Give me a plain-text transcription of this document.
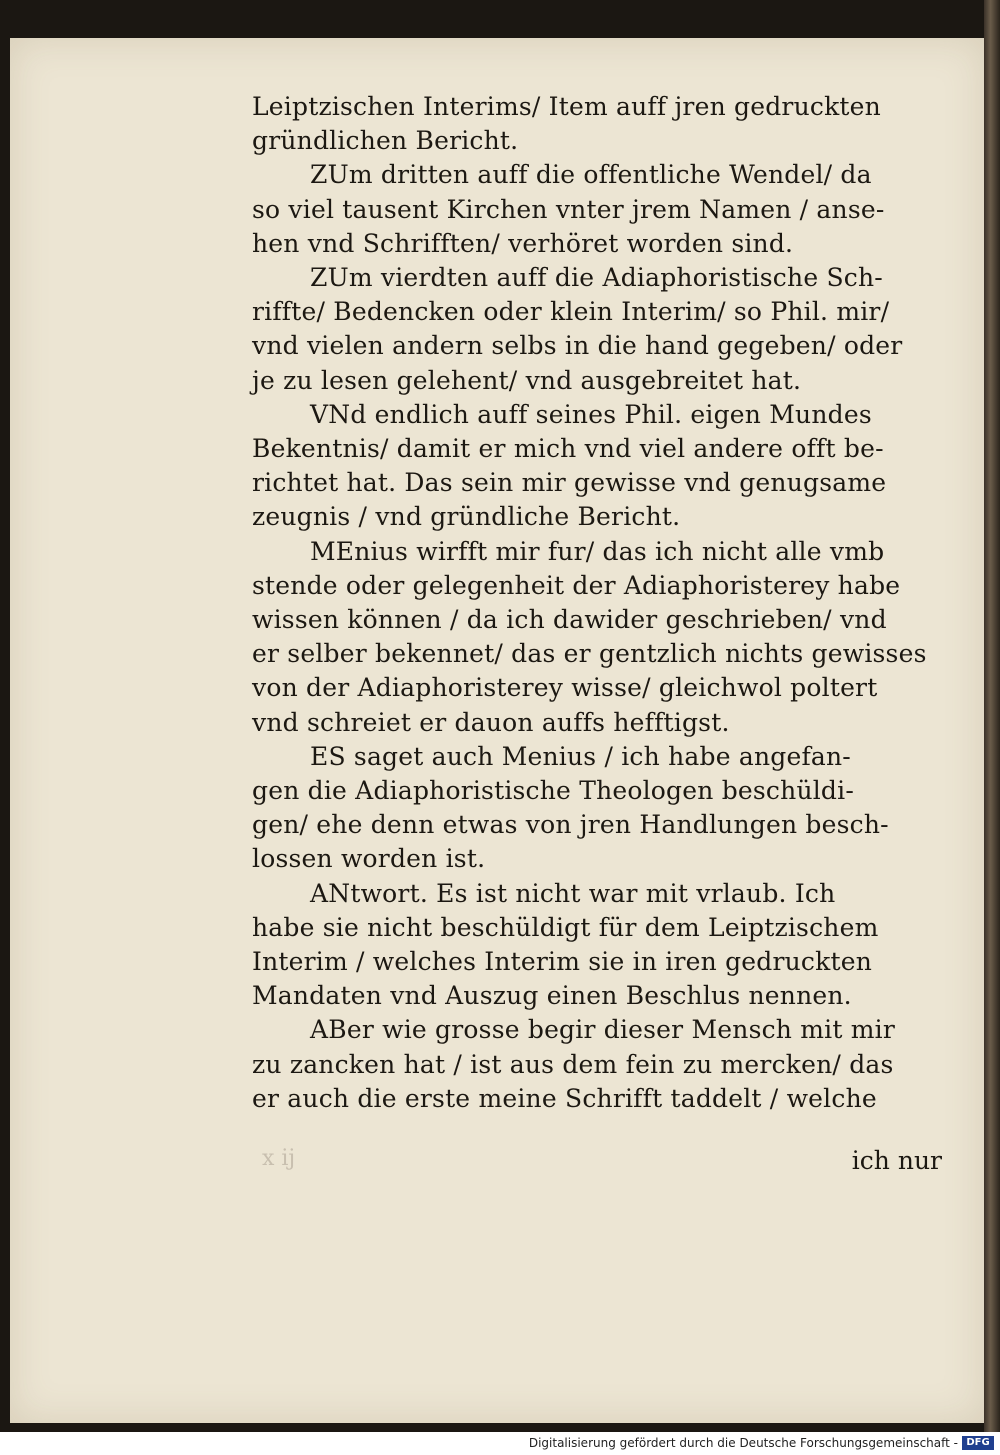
Leiptzischen Interims/ Item auff jren gedruckten
gründlichen Bericht.
ZUm dritten auff die offentliche Wendel/ da
so viel tausent Kirchen vnter jrem Namen / anse-
hen vnd Schrifften/ verhöret worden sind.
ZUm vierdten auff die Adiaphoristische Sch-
riffte/ Bedencken oder klein Interim/ so Phil. mir/
vnd vielen andern selbs in die hand gegeben/ oder
je zu lesen gelehent/ vnd ausgebreitet hat.
VNd endlich auff seines Phil. eigen Mundes
Bekentnis/ damit er mich vnd viel andere offt be-
richtet hat. Das sein mir gewisse vnd genugsame
zeugnis / vnd gründliche Bericht.
MEnius wirfft mir fur/ das ich nicht alle vmb
stende oder gelegenheit der Adiaphoristerey habe
wissen können / da ich dawider geschrieben/ vnd
er selber bekennet/ das er gentzlich nichts gewisses
von der Adiaphoristerey wisse/ gleichwol poltert
vnd schreiet er dauon auffs hefftigst.
ES saget auch Menius / ich habe angefan-
gen die Adiaphoristische Theologen beschüldi-
gen/ ehe denn etwas von jren Handlungen besch-
lossen worden ist.
ANtwort. Es ist nicht war mit vrlaub. Ich
habe sie nicht beschüldigt für dem Leiptzischem
Interim / welches Interim sie in iren gedruckten
Mandaten vnd Auszug einen Beschlus nennen.
ABer wie grosse begir dieser Mensch mit mir
zu zancken hat / ist aus dem fein zu mercken/ das
er auch die erste meine Schrifft taddelt / welche
x ij	ich nur
Digitalisierung gefördert durch die Deutsche Forschungsgemeinschaft - DFG
